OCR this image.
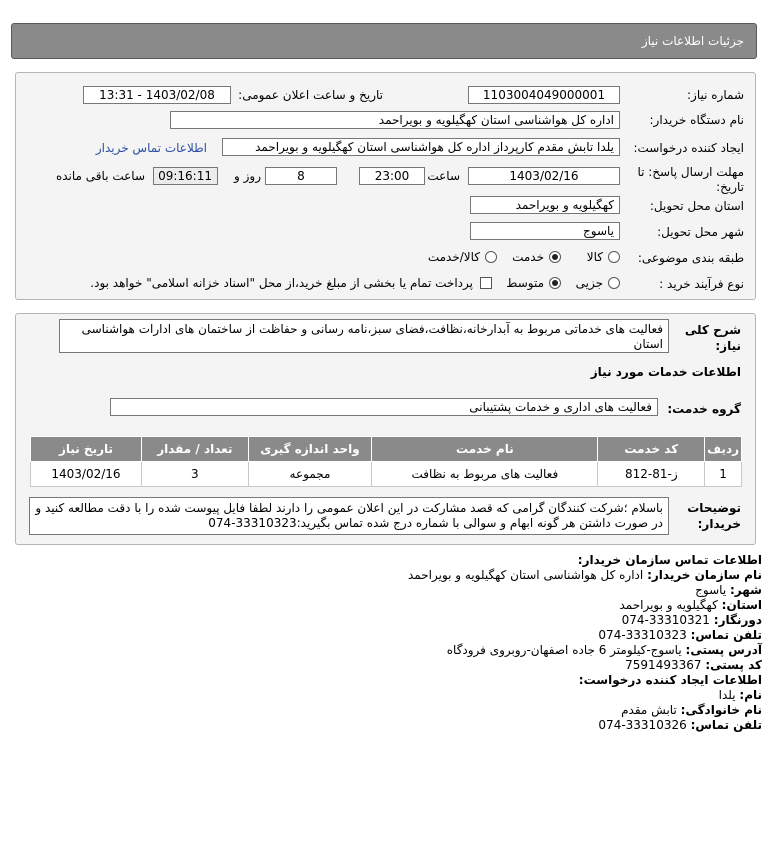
جزئیات اطلاعات نیاز
شماره نیاز:
1103004049000001
تاریخ و ساعت اعلان عمومی:
1403/02/08 - 13:31
نام دستگاه خریدار:
اداره کل هواشناسی استان کهگیلویه و بویراحمد
ایجاد کننده درخواست:
یلدا تابش مقدم کارپرداز اداره کل هواشناسی استان کهگیلویه و بویراحمد
اطلاعات تماس خریدار
مهلت ارسال پاسخ: تا
تاریخ:
1403/02/16
ساعت
23:00
8
روز و
09:16:11
ساعت باقی مانده
استان محل تحویل:
کهگیلویه و بویراحمد
شهر محل تحویل:
یاسوج
طبقه بندی موضوعی:
کالا
خدمت
کالا/خدمت
نوع فرآیند خرید :
جزیی
متوسط
پرداخت تمام یا بخشی از مبلغ خرید،از محل "اسناد خزانه اسلامی" خواهد بود.
شرح کلی
نیاز:
فعالیت های خدماتی مربوط به آبدارخانه،نظافت،فضای سبز،نامه رسانی و حفاظت از ساختمان های ادارات هواشناسی استان
اطلاعات خدمات مورد نیاز
گروه خدمت:
فعالیت های اداری و خدمات پشتیبانی
ردیف	کد خدمت	نام خدمت	واحد اندازه گیری	تعداد / مقدار	تاریخ نیاز
1	ز-81-812	فعالیت های مربوط به نظافت	مجموعه	3	1403/02/16
توضیحات
خریدار:
باسلام ؛شرکت کنندگان گرامی که قصد مشارکت در این اعلان عمومی را دارند لطفا فایل پیوست شده را با دقت مطالعه کنید و در صورت داشتن هر گونه ابهام و سوالی با شماره درج شده تماس بگیرید:33310323-074
اطلاعات تماس سازمان خریدار:
نام سازمان خریدار: اداره کل هواشناسی استان کهگیلویه و بویراحمد
شهر: یاسوج
استان: کهگیلویه و بویراحمد
دورنگار: 074-33310321
تلفن تماس: 074-33310323
آدرس پستی: یاسوج-کیلومتر 6 جاده اصفهان-روبروی فرودگاه
کد پستی: 7591493367
اطلاعات ایجاد کننده درخواست:
نام: یلدا
نام خانوادگی: تابش مقدم
تلفن تماس: 074-33310326
